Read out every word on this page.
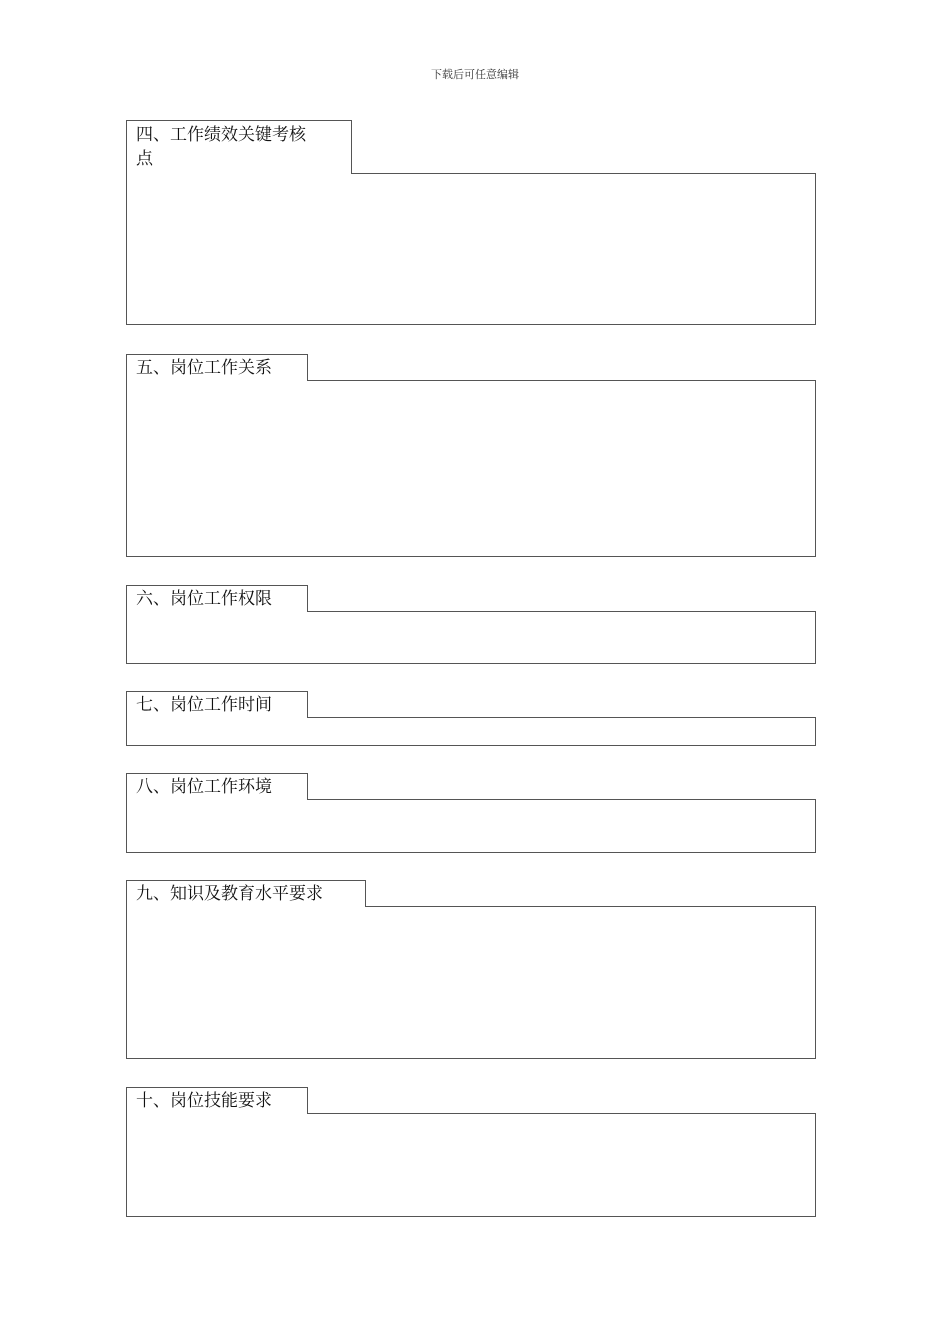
下载后可任意编辑
四、工作绩效关键考核
点
五、岗位工作关系
六、岗位工作权限
七、岗位工作时间
八、岗位工作环境
九、知识及教育水平要求
十、岗位技能要求
